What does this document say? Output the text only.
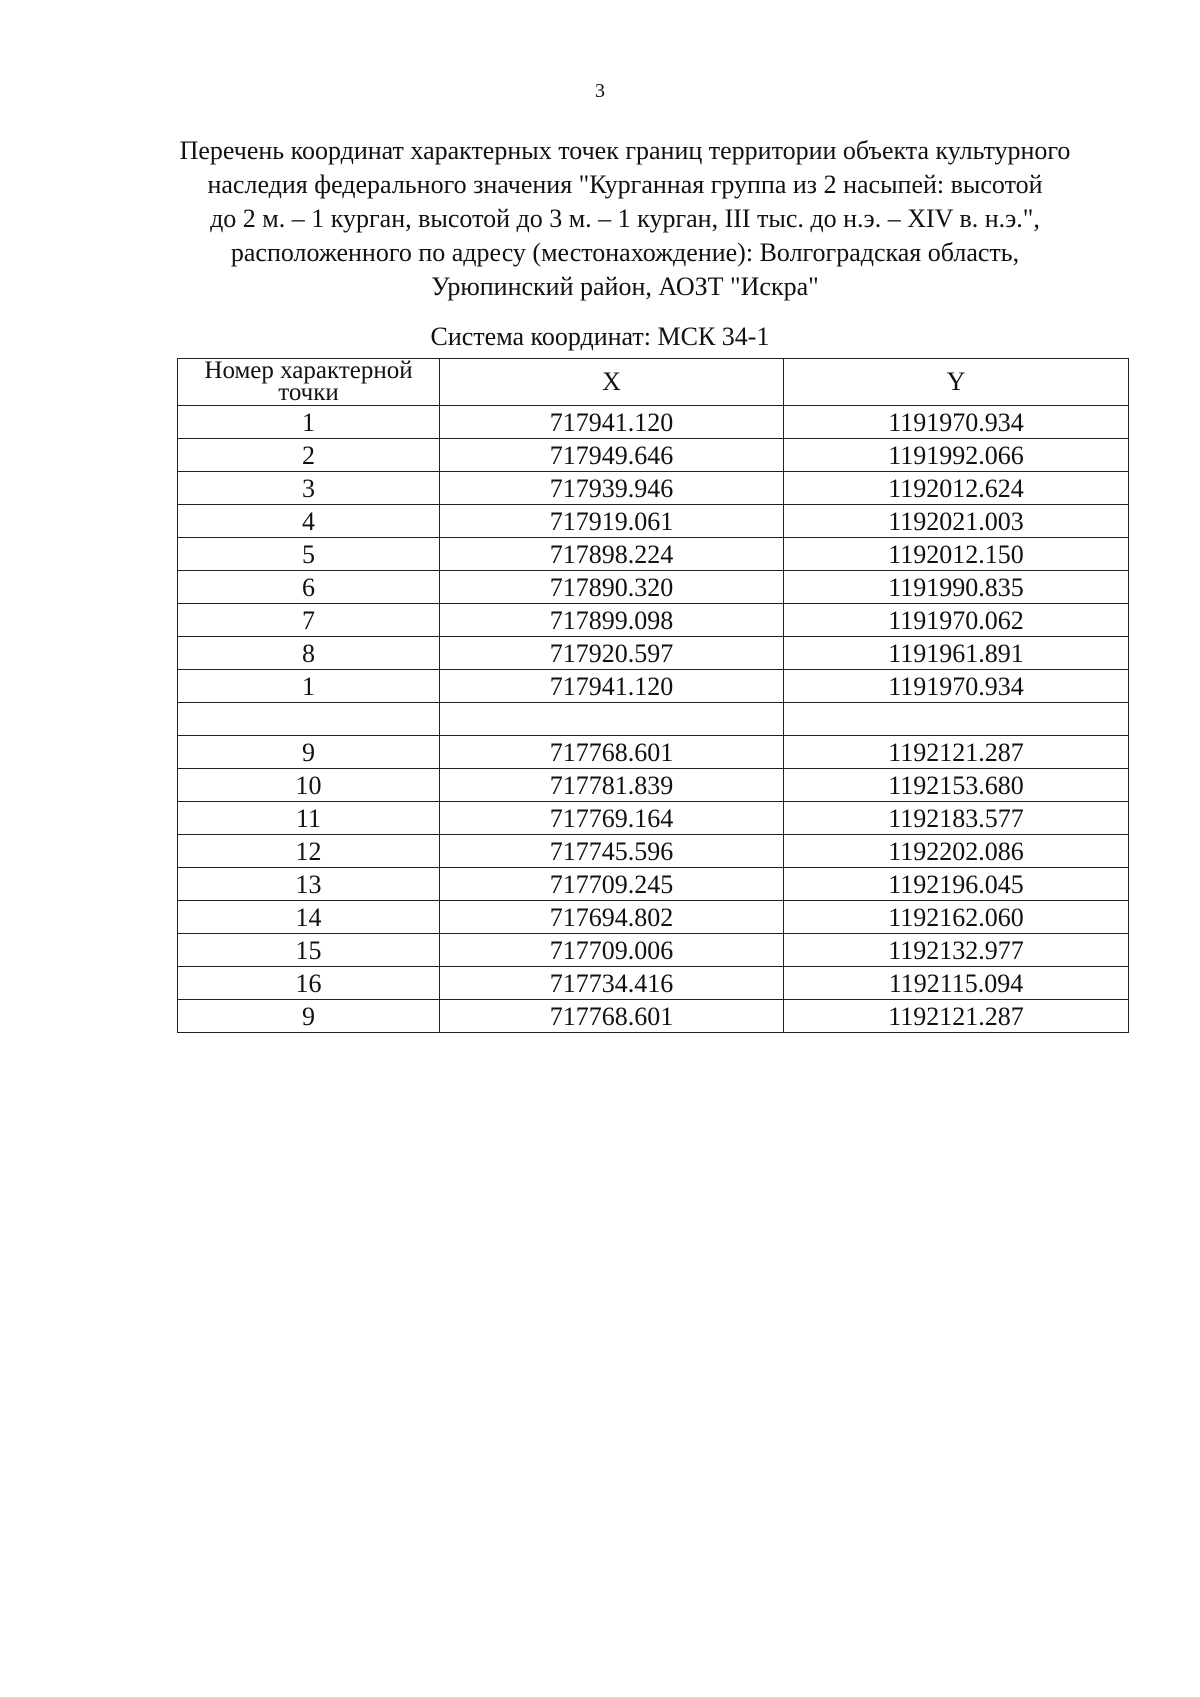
3
Перечень координат характерных точек границ территории объекта культурного
наследия федерального значения "Курганная группа из 2 насыпей: высотой
до 2 м. – 1 курган, высотой до 3 м. – 1 курган, III тыс. до н.э. – XIV в. н.э.",
расположенного по адресу (местонахождение): Волгоградская область,
Урюпинский район, АОЗТ "Искра"
Система координат: МСК 34-1
Номер характерной
точки	X	Y
1	717941.120	1191970.934
2	717949.646	1191992.066
3	717939.946	1192012.624
4	717919.061	1192021.003
5	717898.224	1192012.150
6	717890.320	1191990.835
7	717899.098	1191970.062
8	717920.597	1191961.891
1	717941.120	1191970.934

9	717768.601	1192121.287
10	717781.839	1192153.680
11	717769.164	1192183.577
12	717745.596	1192202.086
13	717709.245	1192196.045
14	717694.802	1192162.060
15	717709.006	1192132.977
16	717734.416	1192115.094
9	717768.601	1192121.287
